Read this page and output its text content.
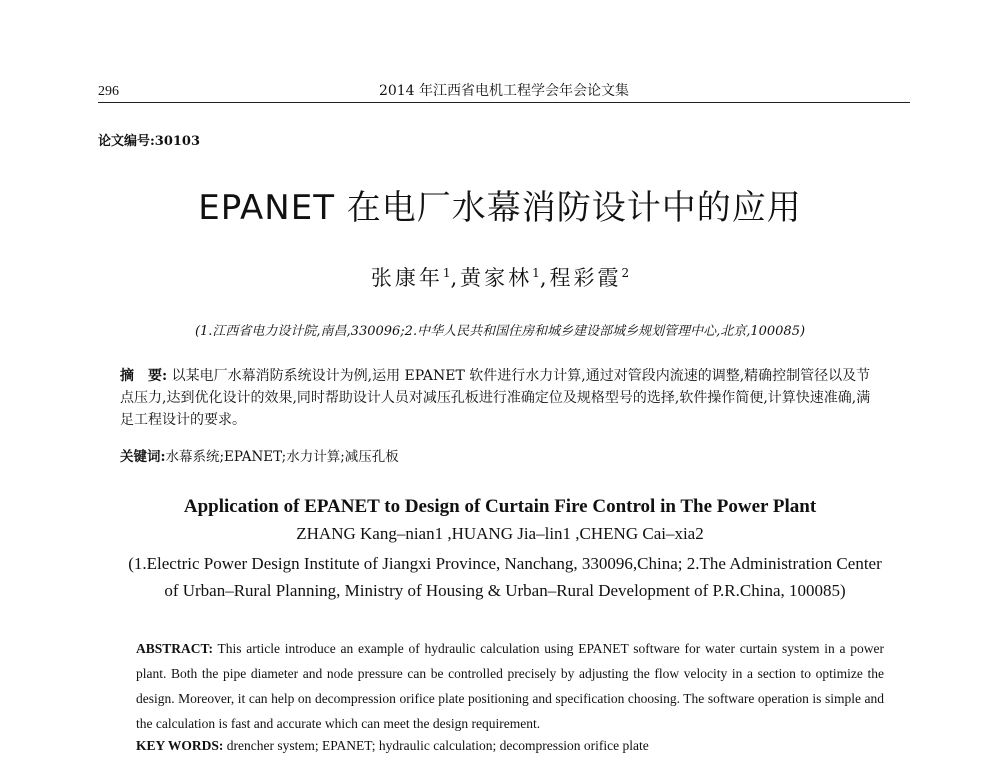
296	2014 年江西省电机工程学会年会论文集
论文编号:30103
EPANET 在电厂水幕消防设计中的应用
张康年$^1$,黄家林$^1$,程彩霞$^2$
(1.江西省电力设计院,南昌,330096;2.中华人民共和国住房和城乡建设部城乡规划管理中心,北京,100085)
摘　要: 以某电厂水幕消防系统设计为例,运用 EPANET 软件进行水力计算,通过对管段内流速的调整,精确控制管径以及节点压力,达到优化设计的效果,同时帮助设计人员对减压孔板进行准确定位及规格型号的选择,软件操作简便,计算快速准确,满足工程设计的要求。
关键词:水幕系统;EPANET;水力计算;减压孔板
Application of EPANET to Design of Curtain Fire Control in The Power Plant
ZHANG Kang–nian1 ,HUANG Jia–lin1 ,CHENG Cai–xia2
(1.Electric Power Design Institute of Jiangxi Province, Nanchang, 330096,China; 2.The Administration Center of Urban–Rural Planning, Ministry of Housing & Urban–Rural Development of P.R.China, 100085)
ABSTRACT: This article introduce an example of hydraulic calculation using EPANET software for water curtain system in a power plant. Both the pipe diameter and node pressure can be controlled precisely by adjusting the flow velocity in a section to optimize the design. Moreover, it can help on decompression orifice plate positioning and specification choosing. The software operation is simple and the calculation is fast and accurate which can meet the design requirement.
KEY WORDS: drencher system; EPANET; hydraulic calculation; decompression orifice plate
